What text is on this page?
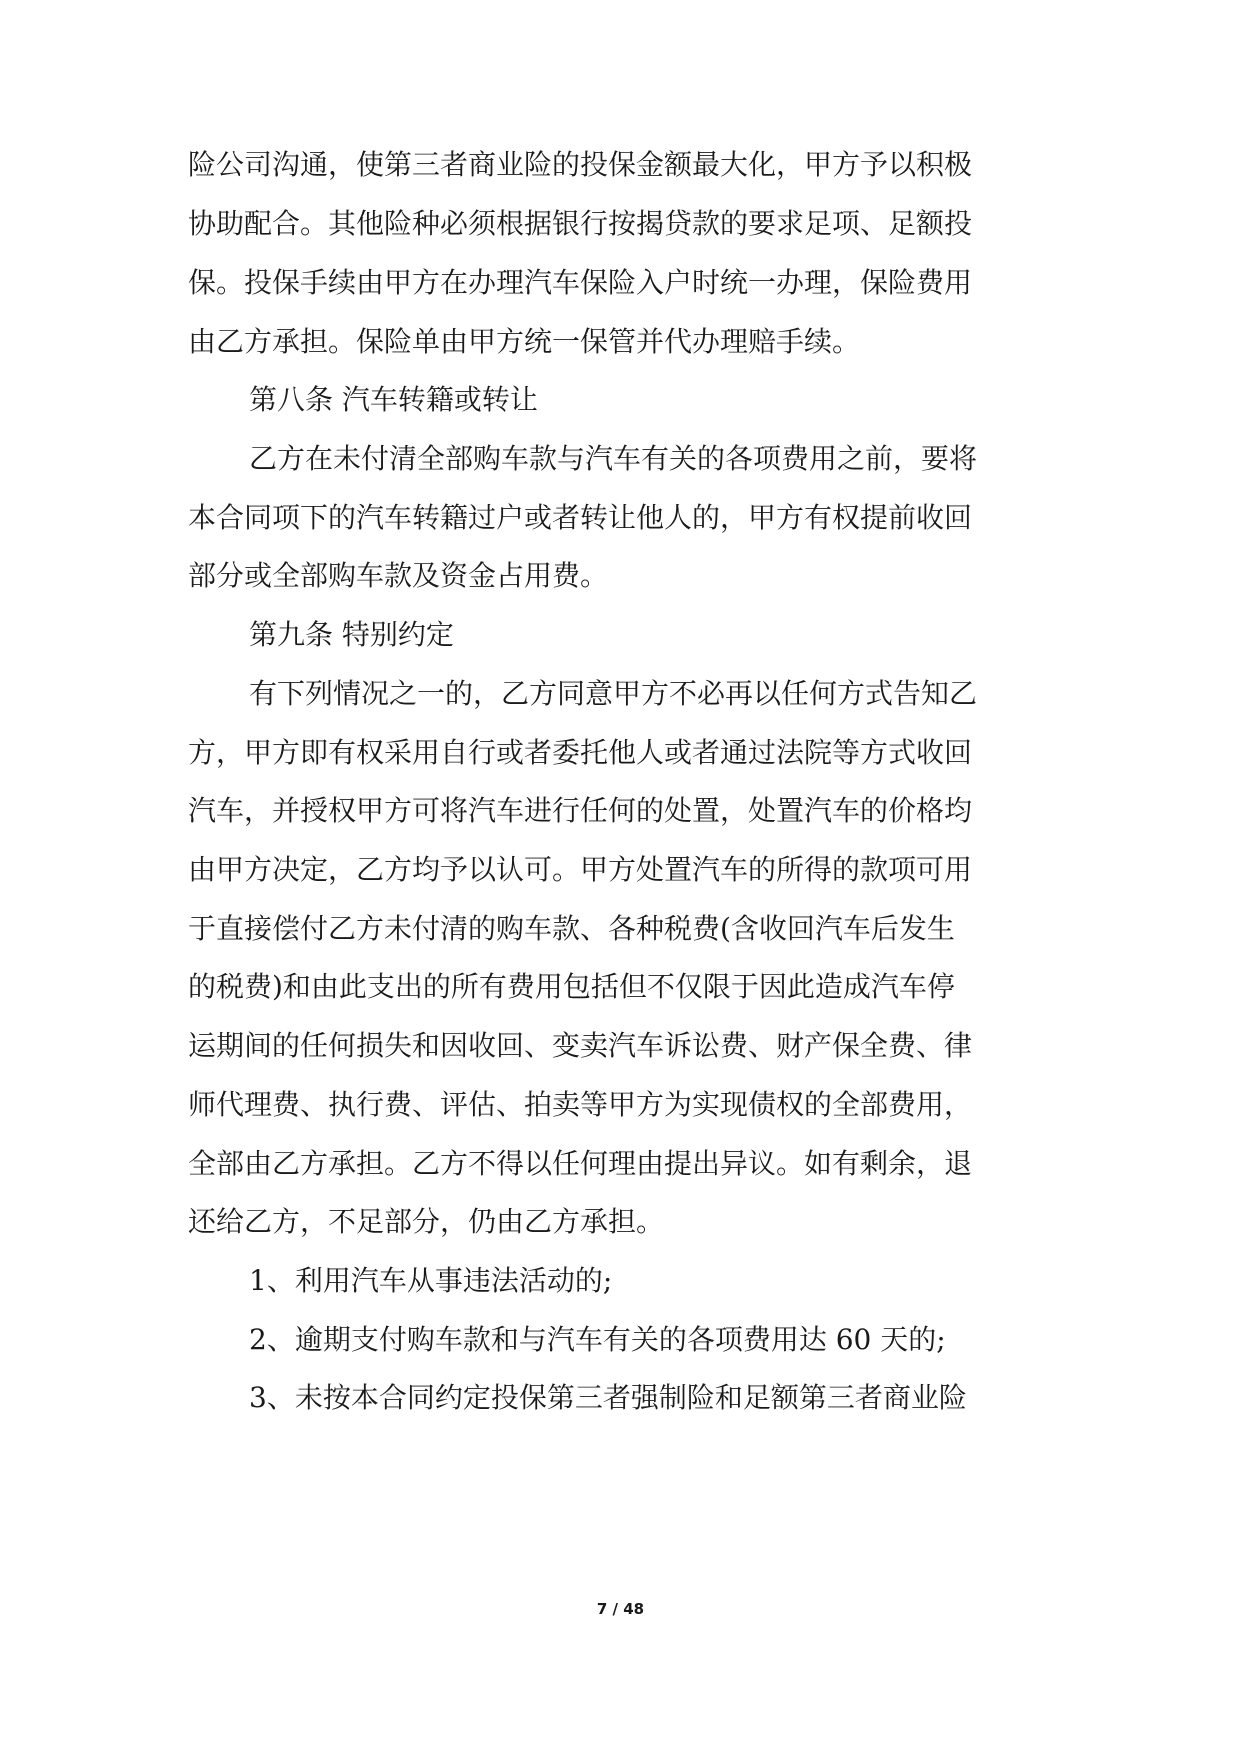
险公司沟通，使第三者商业险的投保金额最大化，甲方予以积极
协助配合。其他险种必须根据银行按揭贷款的要求足项、足额投
保。投保手续由甲方在办理汽车保险入户时统一办理，保险费用
由乙方承担。保险单由甲方统一保管并代办理赔手续。
第八条 汽车转籍或转让
乙方在未付清全部购车款与汽车有关的各项费用之前，要将
本合同项下的汽车转籍过户或者转让他人的，甲方有权提前收回
部分或全部购车款及资金占用费。
第九条 特别约定
有下列情况之一的，乙方同意甲方不必再以任何方式告知乙
方，甲方即有权采用自行或者委托他人或者通过法院等方式收回
汽车，并授权甲方可将汽车进行任何的处置，处置汽车的价格均
由甲方决定，乙方均予以认可。甲方处置汽车的所得的款项可用
于直接偿付乙方未付清的购车款、各种税费(含收回汽车后发生
的税费)和由此支出的所有费用包括但不仅限于因此造成汽车停
运期间的任何损失和因收回、变卖汽车诉讼费、财产保全费、律
师代理费、执行费、评估、拍卖等甲方为实现债权的全部费用，
全部由乙方承担。乙方不得以任何理由提出异议。如有剩余，退
还给乙方，不足部分，仍由乙方承担。
1、利用汽车从事违法活动的;
2、逾期支付购车款和与汽车有关的各项费用达 60 天的;
3、未按本合同约定投保第三者强制险和足额第三者商业险
7 / 48
